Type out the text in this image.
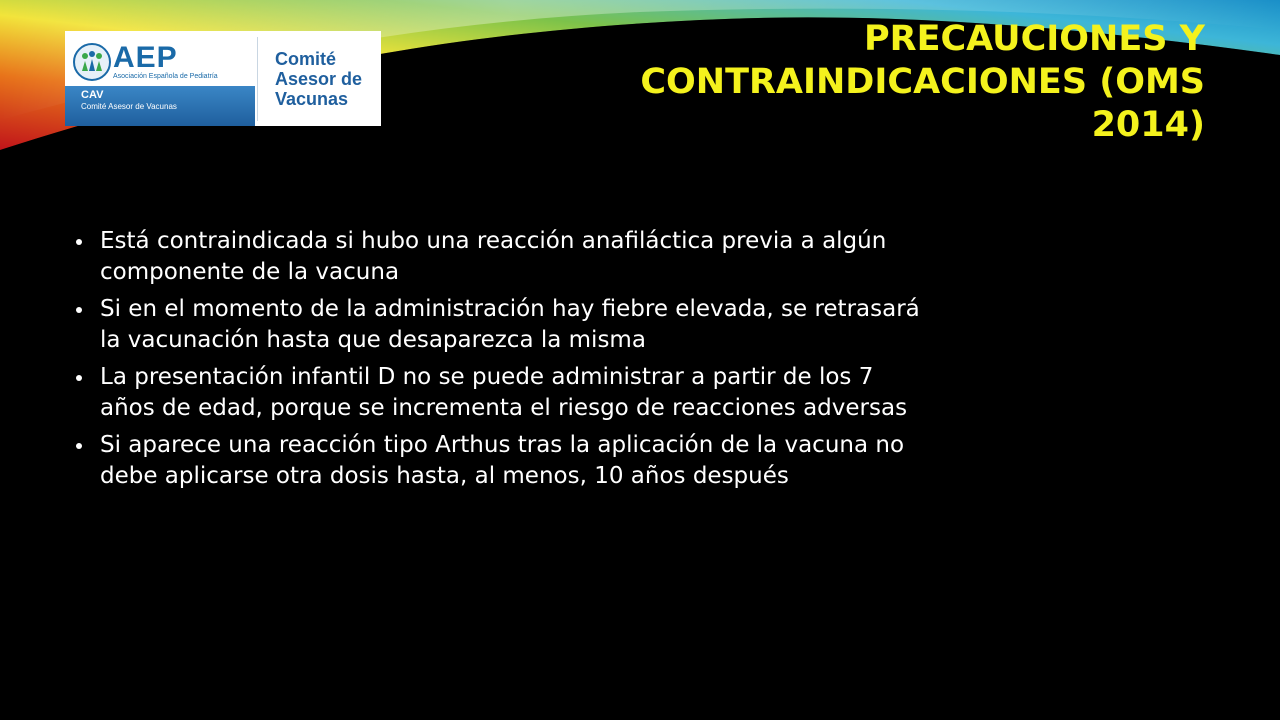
AEP
Asociación Española de Pediatría
CAV
Comité Asesor de Vacunas
Comité
Asesor de
Vacunas
PRECAUCIONES Y
CONTRAINDICACIONES (OMS
2014)
Está contraindicada si hubo una reacción anafiláctica previa a algún
componente de la vacuna
Si en el momento de la administración hay fiebre elevada, se retrasará
la vacunación hasta que desaparezca la misma
La presentación infantil D no se puede administrar a partir de los 7
años de edad, porque se incrementa el riesgo de reacciones adversas
Si aparece una reacción tipo Arthus tras la aplicación de la vacuna no
debe aplicarse otra dosis hasta, al menos, 10 años después
